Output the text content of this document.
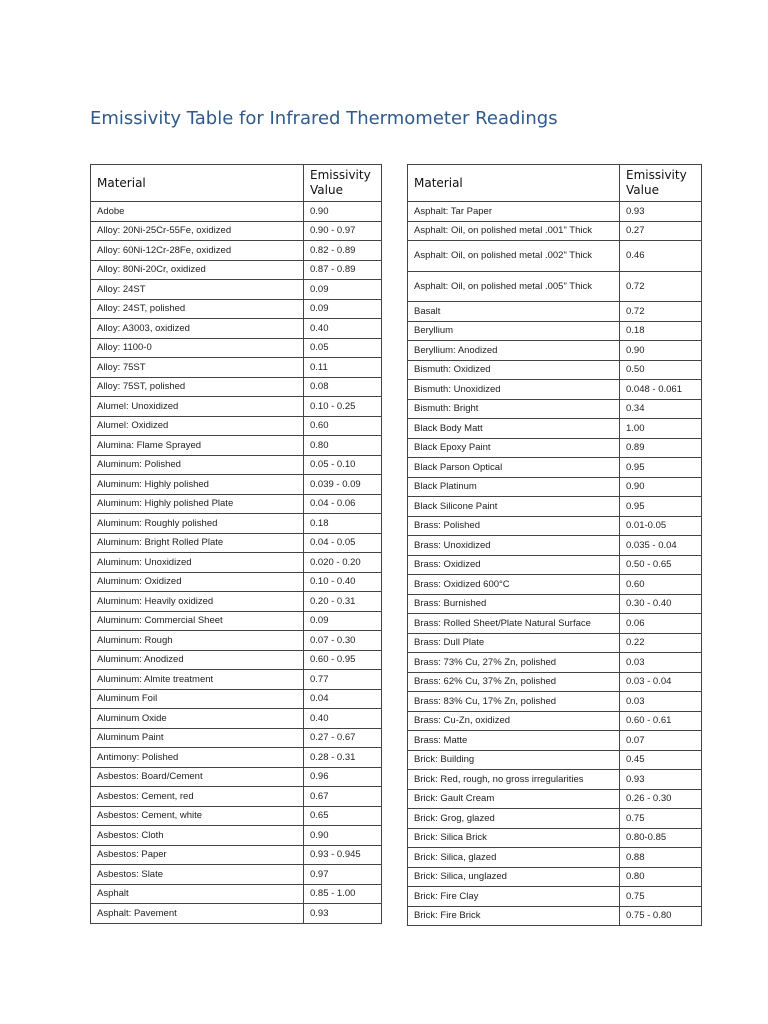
Emissivity Table for Infrared Thermometer Readings
Material	Emissivity Value
Adobe	0.90
Alloy: 20Ni-25Cr-55Fe, oxidized	0.90 - 0.97
Alloy: 60Ni-12Cr-28Fe, oxidized	0.82 - 0.89
Alloy: 80Ni-20Cr, oxidized	0.87 - 0.89
Alloy: 24ST	0.09
Alloy: 24ST, polished	0.09
Alloy: A3003, oxidized	0.40
Alloy: 1100-0	0.05
Alloy: 75ST	0.11
Alloy: 75ST, polished	0.08
Alumel: Unoxidized	0.10 - 0.25
Alumel: Oxidized	0.60
Alumina: Flame Sprayed	0.80
Aluminum: Polished	0.05 - 0.10
Aluminum: Highly polished	0.039 - 0.09
Aluminum: Highly polished Plate	0.04 - 0.06
Aluminum: Roughly polished	0.18
Aluminum: Bright Rolled Plate	0.04 - 0.05
Aluminum: Unoxidized	0.020 - 0.20
Aluminum: Oxidized	0.10 - 0.40
Aluminum: Heavily oxidized	0.20 - 0.31
Aluminum: Commercial Sheet	0.09
Aluminum: Rough	0.07 - 0.30
Aluminum: Anodized	0.60 - 0.95
Aluminum: Almite treatment	0.77
Aluminum Foil	0.04
Aluminum Oxide	0.40
Aluminum Paint	0.27 - 0.67
Antimony: Polished	0.28 - 0.31
Asbestos: Board/Cement	0.96
Asbestos: Cement, red	0.67
Asbestos: Cement, white	0.65
Asbestos: Cloth	0.90
Asbestos: Paper	0.93 - 0.945
Asbestos: Slate	0.97
Asphalt	0.85 - 1.00
Asphalt: Pavement	0.93
Material	Emissivity Value
Asphalt: Tar Paper	0.93
Asphalt: Oil, on polished metal .001" Thick	0.27
Asphalt: Oil, on polished metal .002" Thick	0.46
Asphalt: Oil, on polished metal .005" Thick	0.72
Basalt	0.72
Beryllium	0.18
Beryllium: Anodized	0.90
Bismuth: Oxidized	0.50
Bismuth: Unoxidized	0.048 - 0.061
Bismuth: Bright	0.34
Black Body Matt	1.00
Black Epoxy Paint	0.89
Black Parson Optical	0.95
Black Platinum	0.90
Black Silicone Paint	0.95
Brass: Polished	0.01-0.05
Brass: Unoxidized	0.035 - 0.04
Brass: Oxidized	0.50 - 0.65
Brass: Oxidized 600°C	0.60
Brass: Burnished	0.30 - 0.40
Brass: Rolled Sheet/Plate Natural Surface	0.06
Brass: Dull Plate	0.22
Brass: 73% Cu, 27% Zn, polished	0.03
Brass: 62% Cu, 37% Zn, polished	0.03 - 0.04
Brass: 83% Cu, 17% Zn, polished	0.03
Brass: Cu-Zn, oxidized	0.60 - 0.61
Brass: Matte	0.07
Brick: Building	0.45
Brick: Red, rough, no gross irregularities	0.93
Brick: Gault Cream	0.26 - 0.30
Brick: Grog, glazed	0.75
Brick: Silica Brick	0.80-0.85
Brick: Silica, glazed	0.88
Brick: Silica, unglazed	0.80
Brick: Fire Clay	0.75
Brick: Fire Brick	0.75 - 0.80
